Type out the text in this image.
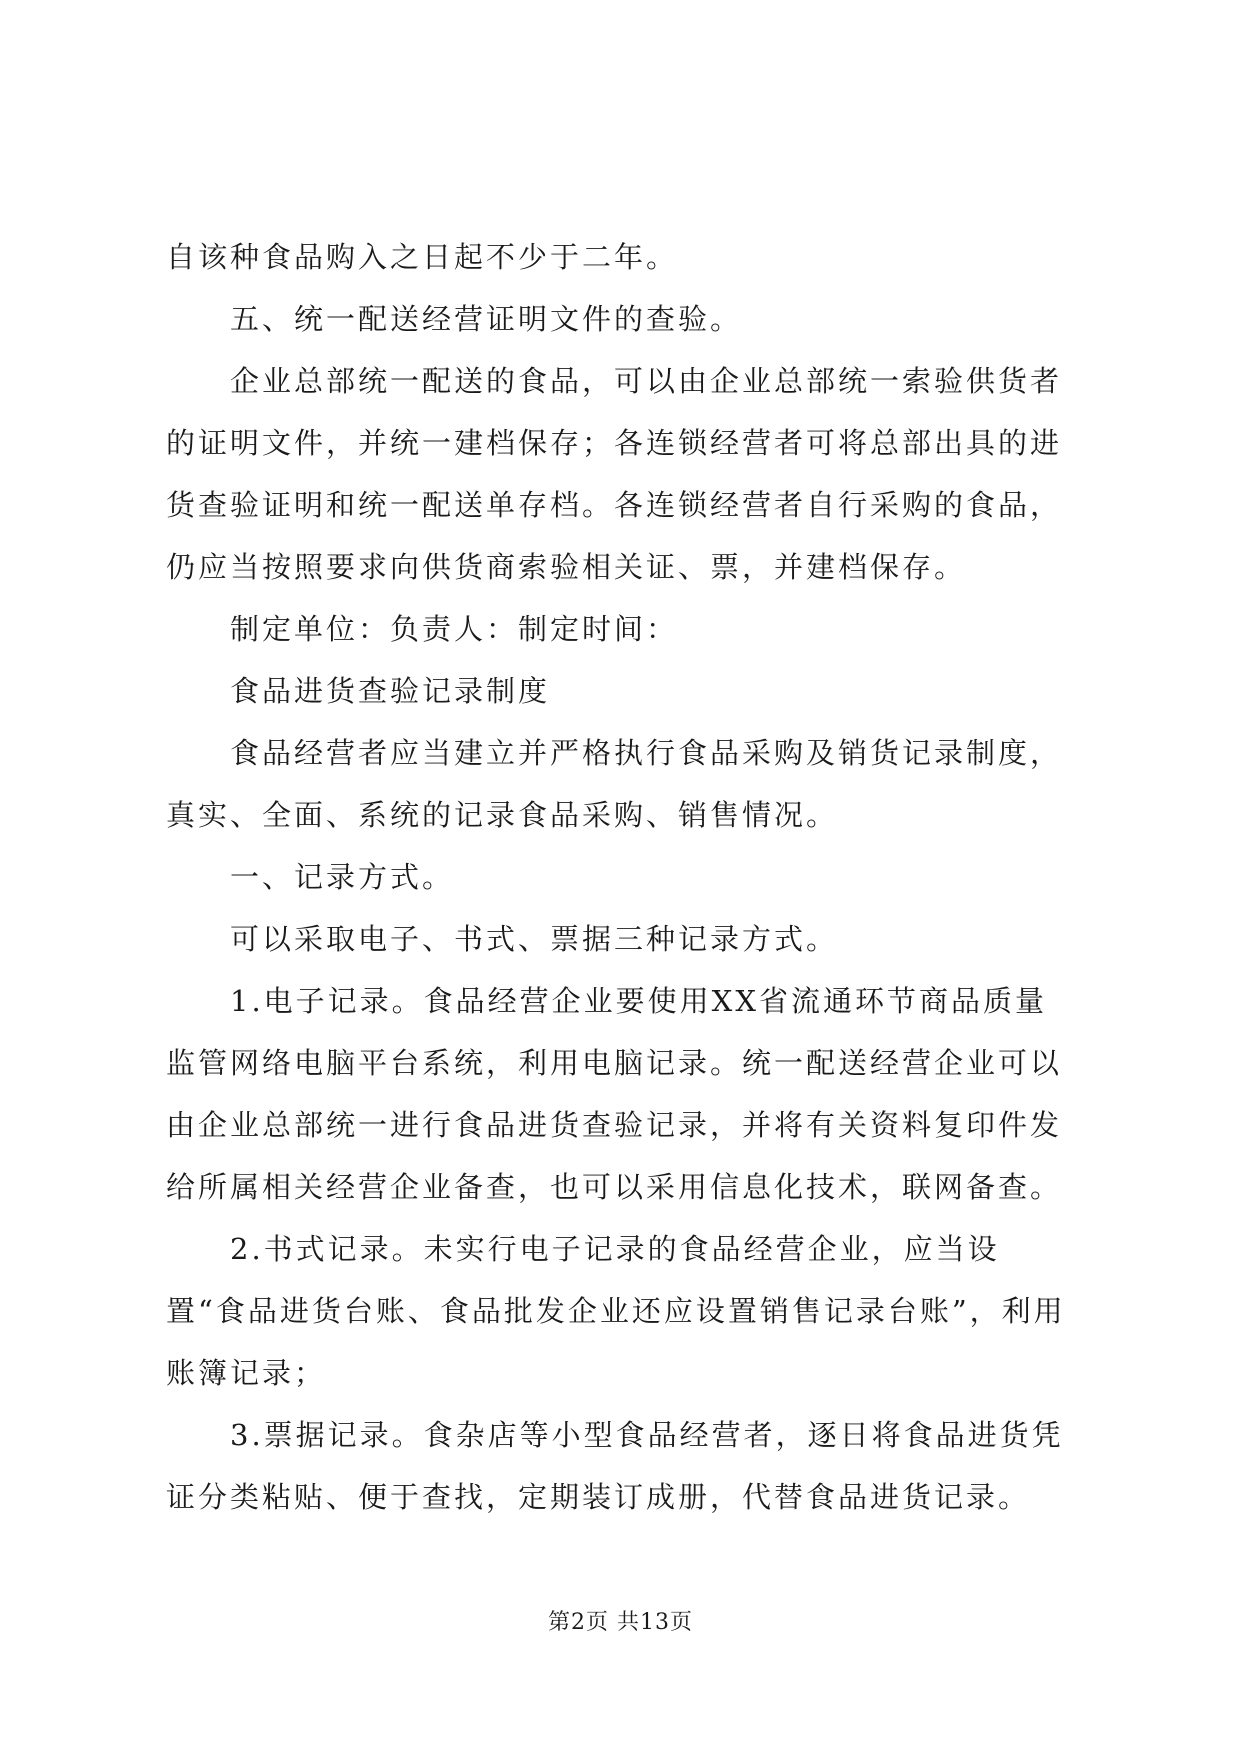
自该种食品购入之日起不少于二年。

五、统一配送经营证明文件的查验。

企业总部统一配送的食品，可以由企业总部统一索验供货者的证明文件，并统一建档保存；各连锁经营者可将总部出具的进货查验证明和统一配送单存档。各连锁经营者自行采购的食品，仍应当按照要求向供货商索验相关证、票，并建档保存。

制定单位：负责人：制定时间：

食品进货查验记录制度

食品经营者应当建立并严格执行食品采购及销货记录制度，真实、全面、系统的记录食品采购、销售情况。

一、记录方式。

可以采取电子、书式、票据三种记录方式。

1.电子记录。食品经营企业要使用XX省流通环节商品质量监管网络电脑平台系统，利用电脑记录。统一配送经营企业可以由企业总部统一进行食品进货查验记录，并将有关资料复印件发给所属相关经营企业备查，也可以采用信息化技术，联网备查。

2.书式记录。未实行电子记录的食品经营企业，应当设置“食品进货台账、食品批发企业还应设置销售记录台账”，利用账簿记录；

3.票据记录。食杂店等小型食品经营者，逐日将食品进货凭证分类粘贴、便于查找，定期装订成册，代替食品进货记录。

第2页 共13页
